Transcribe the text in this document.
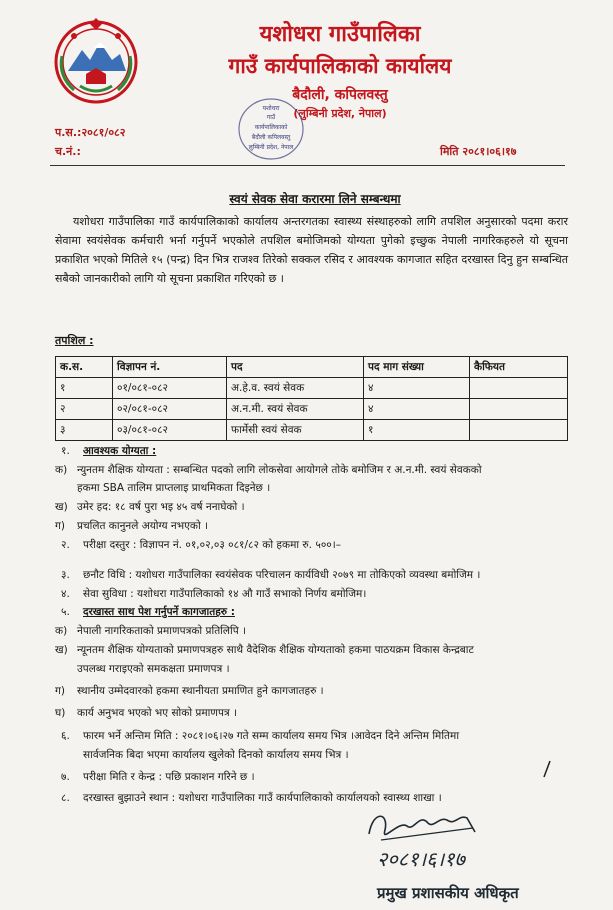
यशोधरा गाउँपालिका
गाउँ कार्यपालिकाको कार्यालय
बैदौली, कपिलवस्तु
(लुम्बिनी प्रदेश, नेपाल)
यशोधरा
गाउँ
कार्यपालिकाको
बैदौली कपिलवस्तु
लुम्बिनी प्रदेश, नेपाल
प.स.:२०८१/०८२
च.नं.:	मिति २०८१।०६।१७
स्वयं सेवक सेवा करारमा लिने सम्बन्धमा
यशोधरा गाउँपालिका गाउँ कार्यपालिकाको कार्यालय अन्तरगतका स्वास्थ्य संस्थाहरुको लागि तपशिल अनुसारको पदमा करार सेवामा स्वयंसेवक कर्मचारी भर्ना गर्नुपर्ने भएकोले तपशिल बमोजिमको योग्यता पुगेको इच्छुक नेपाली नागरिकहरुले यो सूचना प्रकाशित भएको मितिले १५ (पन्द्र) दिन भित्र राजश्व तिरेको सक्कल रसिद र आवश्यक कागजात सहित दरखास्त दिनु हुन सम्बन्धित सबैको जानकारीको लागि यो सूचना प्रकाशित गरिएको छ ।
तपशिल :
क.स.	विज्ञापन नं.	पद	पद माग संख्या	कैफियत
१	०१/०८१-०८२	अ.हे.व. स्वयं सेवक	४	
२	०२/०८१-०८२	अ.न.मी. स्वयं सेवक	४	
३	०३/०८१-०८२	फार्मेसी स्वयं सेवक	१	
१. आवश्यक योग्यता :
क) न्युनतम शैक्षिक योग्यता : सम्बन्धित पदको लागि लोकसेवा आयोगले तोके बमोजिम र अ.न.मी. स्वयं सेवकको
हकमा SBA तालिम प्राप्तलाइ प्राथमिकता दिइनेछ ।
ख) उमेर हद: १८ वर्ष पुरा भइ ४५ वर्ष ननाघेको ।
ग) प्रचलित कानुनले अयोग्य नभएको ।
२. परीक्षा दस्तुर : विज्ञापन नं. ०१,०२,०३ ०८१/८२ को हकमा रु. ५००।–
३. छनौट विधि : यशोधरा गाउँपालिका स्वयंसेवक परिचालन कार्यविधी २०७९ मा तोकिएको व्यवस्था बमोजिम ।
४. सेवा सुविधा : यशोधरा गाउँपालिकाको १४ औ गाउँ सभाको निर्णय बमोजिम।
५. दरखास्त साथ पेश गर्नुपर्ने कागजातहरु :
क) नेपाली नागरिकताको प्रमाणपत्रको प्रतिलिपि ।
ख) न्यूनतम शैक्षिक योग्यताको प्रमाणपत्रहरु साथै वैदेशिक शैक्षिक योग्यताको हकमा पाठयक्रम विकास केन्द्रबाट
उपलब्ध गराइएको समकक्षता प्रमाणपत्र ।
ग) स्थानीय उम्मेदवारको हकमा स्थानीयता प्रमाणित हुने कागजातहरु ।
घ) कार्य अनुभव भएको भए सोको प्रमाणपत्र ।
६. फारम भर्ने अन्तिम मिति : २०८१।०६।२७ गते सम्म कार्यालय समय भित्र ।आवेदन दिने अन्तिम मितिमा
सार्वजनिक बिदा भएमा कार्यालय खुलेको दिनको कार्यालय समय भित्र ।
७. परीक्षा मिति र केन्द्र : पछि प्रकाशन गरिने छ ।
८. दरखास्त बुझाउने स्थान : यशोधरा गाउँपालिका गाउँ कार्यपालिकाको कार्यालयको स्वास्थ्य शाखा ।
२०८१।६।१७
प्रमुख प्रशासकीय अधिकृत
